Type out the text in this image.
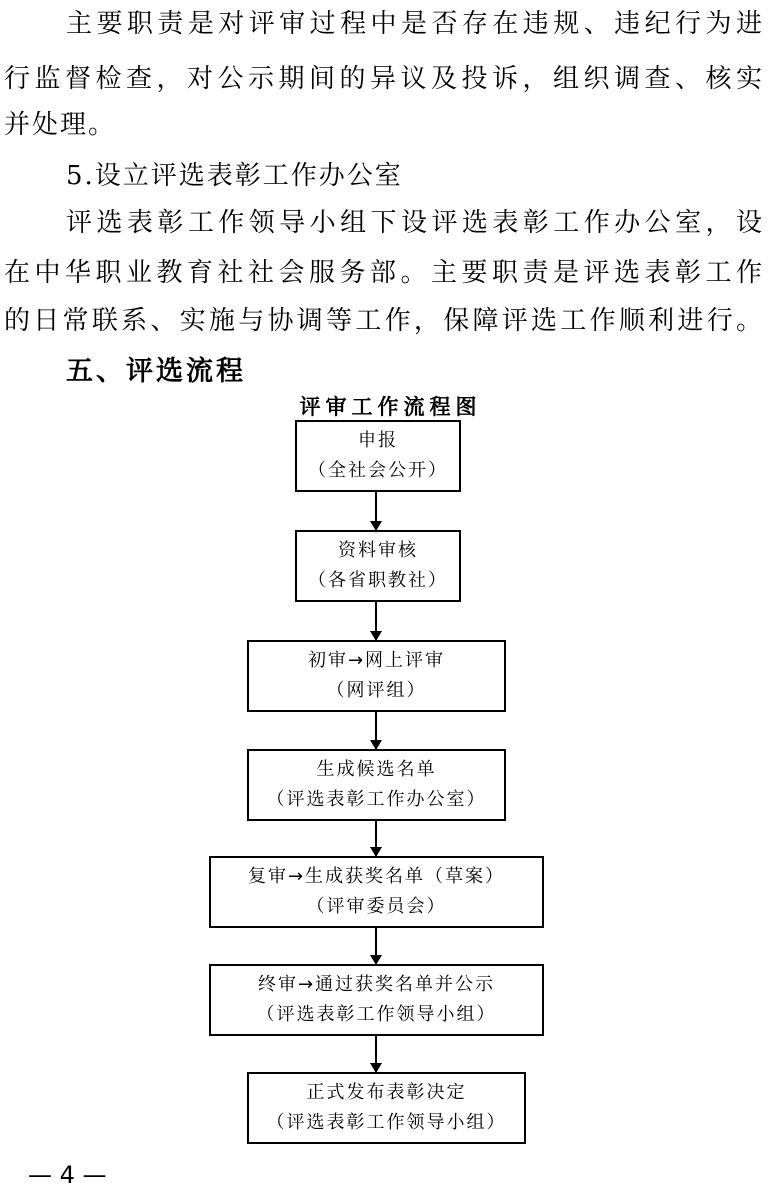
主要职责是对评审过程中是否存在违规、违纪行为进
行监督检查，对公示期间的异议及投诉，组织调查、核实
并处理。
5.设立评选表彰工作办公室
评选表彰工作领导小组下设评选表彰工作办公室，设
在中华职业教育社社会服务部。主要职责是评选表彰工作
的日常联系、实施与协调等工作，保障评选工作顺利进行。
五、评选流程
评审工作流程图
申报
（全社会公开）
资料审核
（各省职教社）
初审→网上评审
（网评组）
生成候选名单
（评选表彰工作办公室）
复审→生成获奖名单（草案）
（评审委员会）
终审→通过获奖名单并公示
（评选表彰工作领导小组）
正式发布表彰决定
（评选表彰工作领导小组）
— 4 —
